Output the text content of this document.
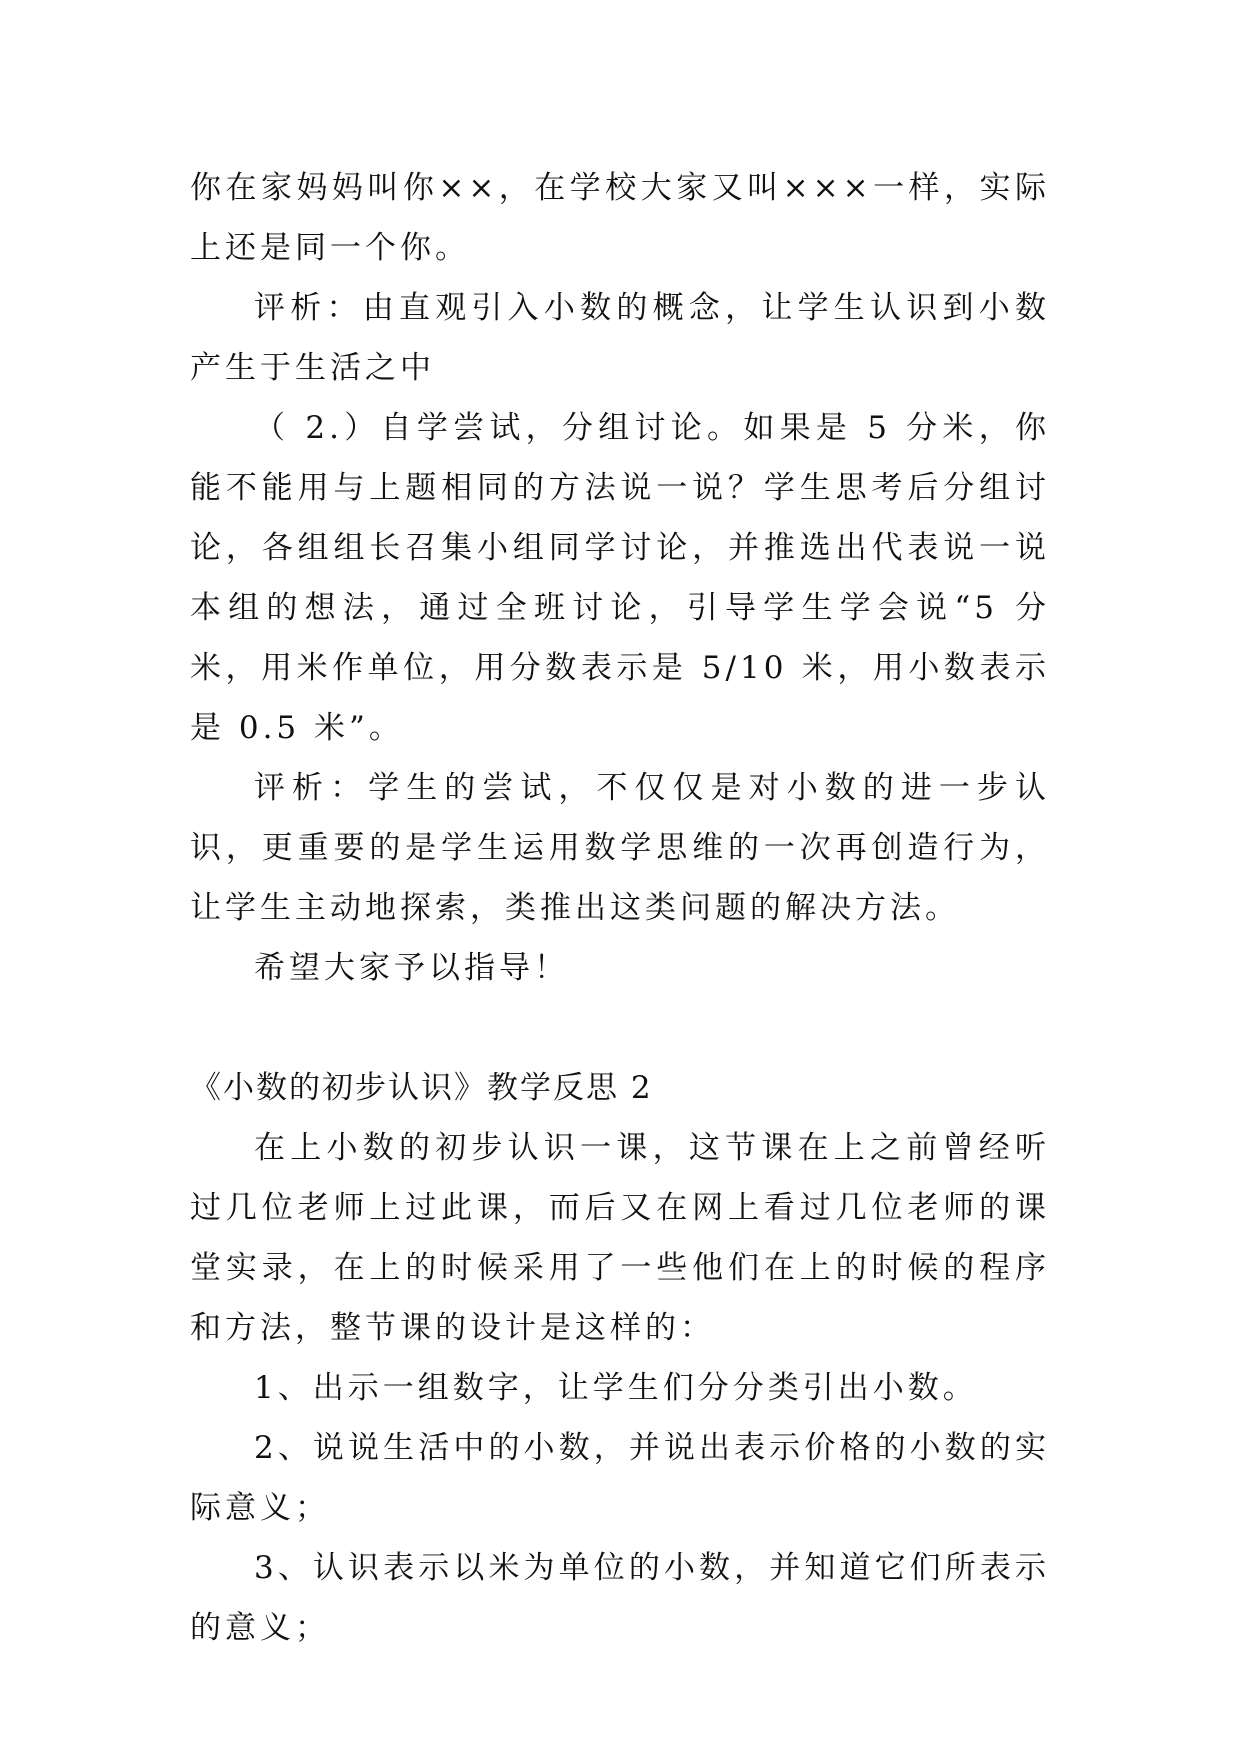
你在家妈妈叫你××，在学校大家又叫×××一样，实际上还是同一个你。

评析：由直观引入小数的概念，让学生认识到小数产生于生活之中

（ 2.）自学尝试，分组讨论。如果是 5 分米，你能不能用与上题相同的方法说一说？学生思考后分组讨论，各组组长召集小组同学讨论，并推选出代表说一说本组的想法，通过全班讨论，引导学生学会说“5 分米，用米作单位，用分数表示是 5/10 米，用小数表示是 0.5 米”。

评析：学生的尝试，不仅仅是对小数的进一步认识，更重要的是学生运用数学思维的一次再创造行为，让学生主动地探索，类推出这类问题的解决方法。

希望大家予以指导！

《小数的初步认识》教学反思 2

在上小数的初步认识一课，这节课在上之前曾经听过几位老师上过此课，而后又在网上看过几位老师的课堂实录，在上的时候采用了一些他们在上的时候的程序和方法，整节课的设计是这样的：

1、出示一组数字，让学生们分分类引出小数。

2、说说生活中的小数，并说出表示价格的小数的实际意义；

3、认识表示以米为单位的小数，并知道它们所表示的意义；
